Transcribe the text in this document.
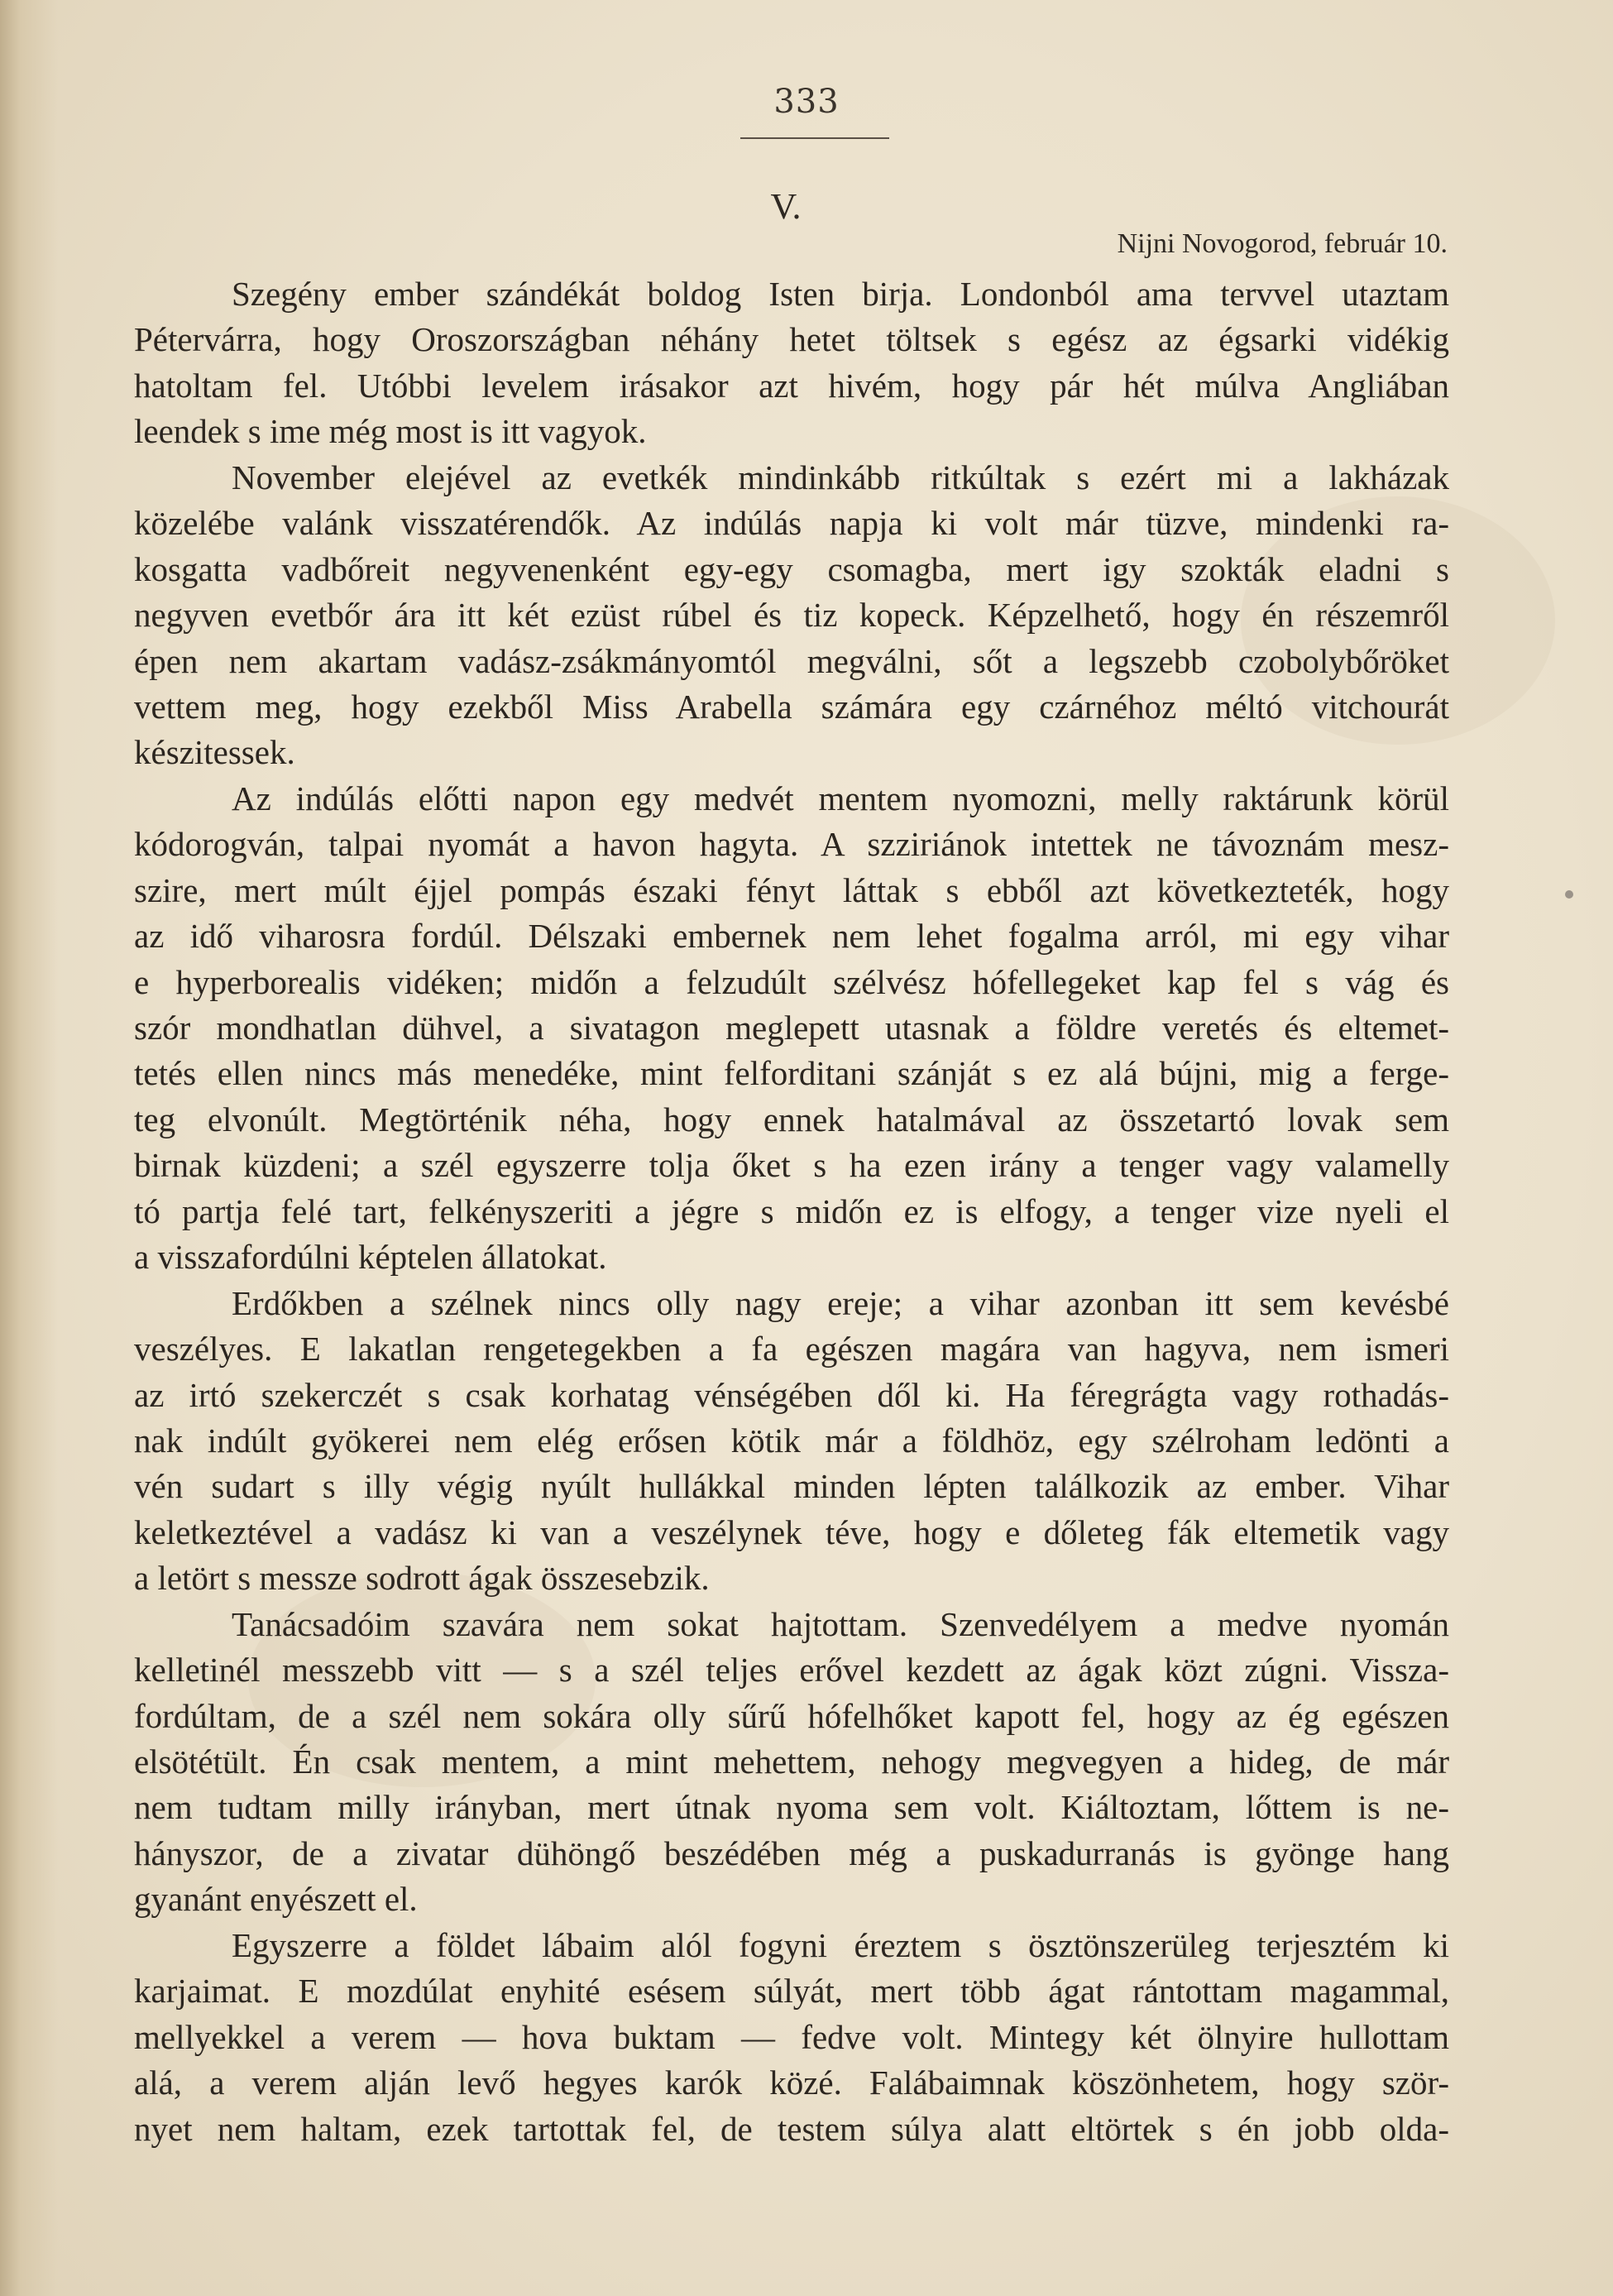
333
V.
Nijni Novogorod, február 10.
Szegény ember szándékát boldog Isten birja. Londonból ama tervvel utaztam
Pétervárra, hogy Oroszországban néhány hetet töltsek s egész az égsarki vidékig
hatoltam fel. Utóbbi levelem irásakor azt hivém, hogy pár hét múlva Angliában
leendek s ime még most is itt vagyok.
November elejével az evetkék mindinkább ritkúltak s ezért mi a lakházak
közelébe valánk visszatérendők. Az indúlás napja ki volt már tüzve, mindenki ra-
kosgatta vadbőreit negyvenenként egy-egy csomagba, mert igy szokták eladni s
negyven evetbőr ára itt két ezüst rúbel és tiz kopeck. Képzelhető, hogy én részemről
épen nem akartam vadász-zsákmányomtól megválni, sőt a legszebb czobolybőröket
vettem meg, hogy ezekből Miss Arabella számára egy czárnéhoz méltó vitchourát
készitessek.
Az indúlás előtti napon egy medvét mentem nyomozni, melly raktárunk körül
kódorogván, talpai nyomát a havon hagyta. A szziriánok intettek ne távoznám mesz-
szire, mert múlt éjjel pompás északi fényt láttak s ebből azt következteték, hogy
az idő viharosra fordúl. Délszaki embernek nem lehet fogalma arról, mi egy vihar
e hyperborealis vidéken; midőn a felzudúlt szélvész hófellegeket kap fel s vág és
szór mondhatlan dühvel, a sivatagon meglepett utasnak a földre veretés és eltemet-
tetés ellen nincs más menedéke, mint felforditani szánját s ez alá bújni, mig a ferge-
teg elvonúlt. Megtörténik néha, hogy ennek hatalmával az összetartó lovak sem
birnak küzdeni; a szél egyszerre tolja őket s ha ezen irány a tenger vagy valamelly
tó partja felé tart, felkényszeriti a jégre s midőn ez is elfogy, a tenger vize nyeli el
a visszafordúlni képtelen állatokat.
Erdőkben a szélnek nincs olly nagy ereje; a vihar azonban itt sem kevésbé
veszélyes. E lakatlan rengetegekben a fa egészen magára van hagyva, nem ismeri
az irtó szekerczét s csak korhatag vénségében dől ki. Ha féregrágta vagy rothadás-
nak indúlt gyökerei nem elég erősen kötik már a földhöz, egy szélroham ledönti a
vén sudart s illy végig nyúlt hullákkal minden lépten találkozik az ember. Vihar
keletkeztével a vadász ki van a veszélynek téve, hogy e dőleteg fák eltemetik vagy
a letört s messze sodrott ágak összesebzik.
Tanácsadóim szavára nem sokat hajtottam. Szenvedélyem a medve nyomán
kelletinél messzebb vitt — s a szél teljes erővel kezdett az ágak közt zúgni. Vissza-
fordúltam, de a szél nem sokára olly sűrű hófelhőket kapott fel, hogy az ég egészen
elsötétült. Én csak mentem, a mint mehettem, nehogy megvegyen a hideg, de már
nem tudtam milly irányban, mert útnak nyoma sem volt. Kiáltoztam, lőttem is ne-
hányszor, de a zivatar dühöngő beszédében még a puskadurranás is gyönge hang
gyanánt enyészett el.
Egyszerre a földet lábaim alól fogyni éreztem s ösztönszerüleg terjesztém ki
karjaimat. E mozdúlat enyhité esésem súlyát, mert több ágat rántottam magammal,
mellyekkel a verem — hova buktam — fedve volt. Mintegy két ölnyire hullottam
alá, a verem alján levő hegyes karók közé. Falábaimnak köszönhetem, hogy ször-
nyet nem haltam, ezek tartottak fel, de testem súlya alatt eltörtek s én jobb olda-
